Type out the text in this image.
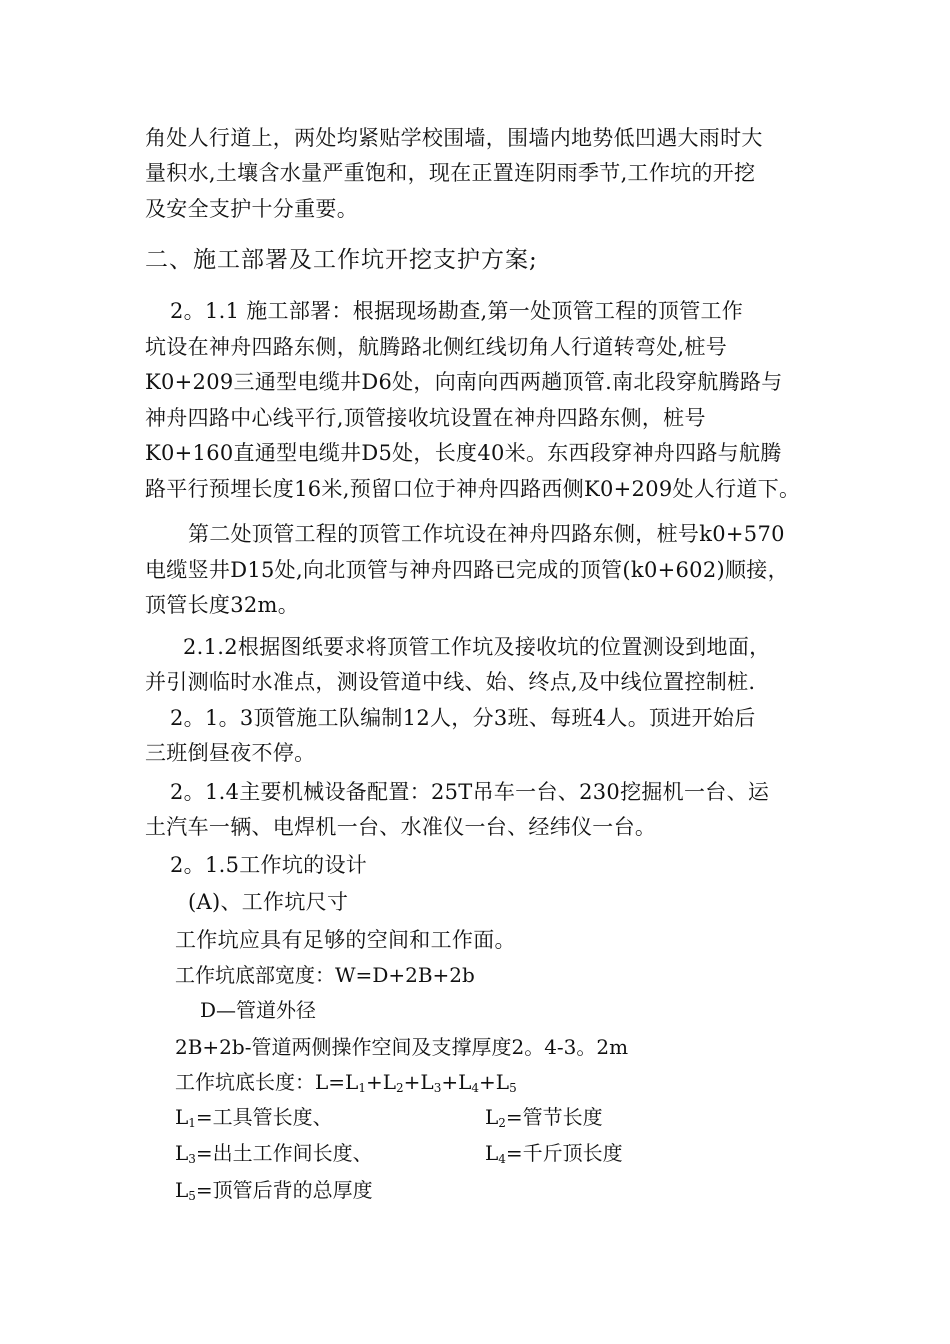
角处人行道上，两处均紧贴学校围墙，围墙内地势低凹遇大雨时大
量积水,土壤含水量严重饱和，现在正置连阴雨季节,工作坑的开挖
及安全支护十分重要。
二、施工部署及工作坑开挖支护方案;
2。1.1 施工部署：根据现场勘查,第一处顶管工程的顶管工作
坑设在神舟四路东侧，航腾路北侧红线切角人行道转弯处,桩号
K0+209三通型电缆井D6处，向南向西两趟顶管.南北段穿航腾路与
神舟四路中心线平行,顶管接收坑设置在神舟四路东侧，桩号
K0+160直通型电缆井D5处，长度40米。东西段穿神舟四路与航腾
路平行预埋长度16米,预留口位于神舟四路西侧K0+209处人行道下。
第二处顶管工程的顶管工作坑设在神舟四路东侧，桩号k0+570
电缆竖井D15处,向北顶管与神舟四路已完成的顶管(k0+602)顺接，
顶管长度32m。
2.1.2根据图纸要求将顶管工作坑及接收坑的位置测设到地面，
并引测临时水准点，测设管道中线、始、终点,及中线位置控制桩.
2。1。3顶管施工队编制12人，分3班、每班4人。顶进开始后
三班倒昼夜不停。
2。1.4主要机械设备配置：25T吊车一台、230挖掘机一台、运
土汽车一辆、电焊机一台、水准仪一台、经纬仪一台。
2。1.5工作坑的设计
(A)、工作坑尺寸
工作坑应具有足够的空间和工作面。
工作坑底部宽度：W=D+2B+2b
D—管道外径
2B+2b-管道两侧操作空间及支撑厚度2。4-3。2m
工作坑底长度：$L=L_1+L_2+L_3+L_4+L_5$
$L_1=$工具管长度、	$L_2=$管节长度
$L_3=$出土工作间长度、	$L_4=$千斤顶长度
$L_5=$顶管后背的总厚度
